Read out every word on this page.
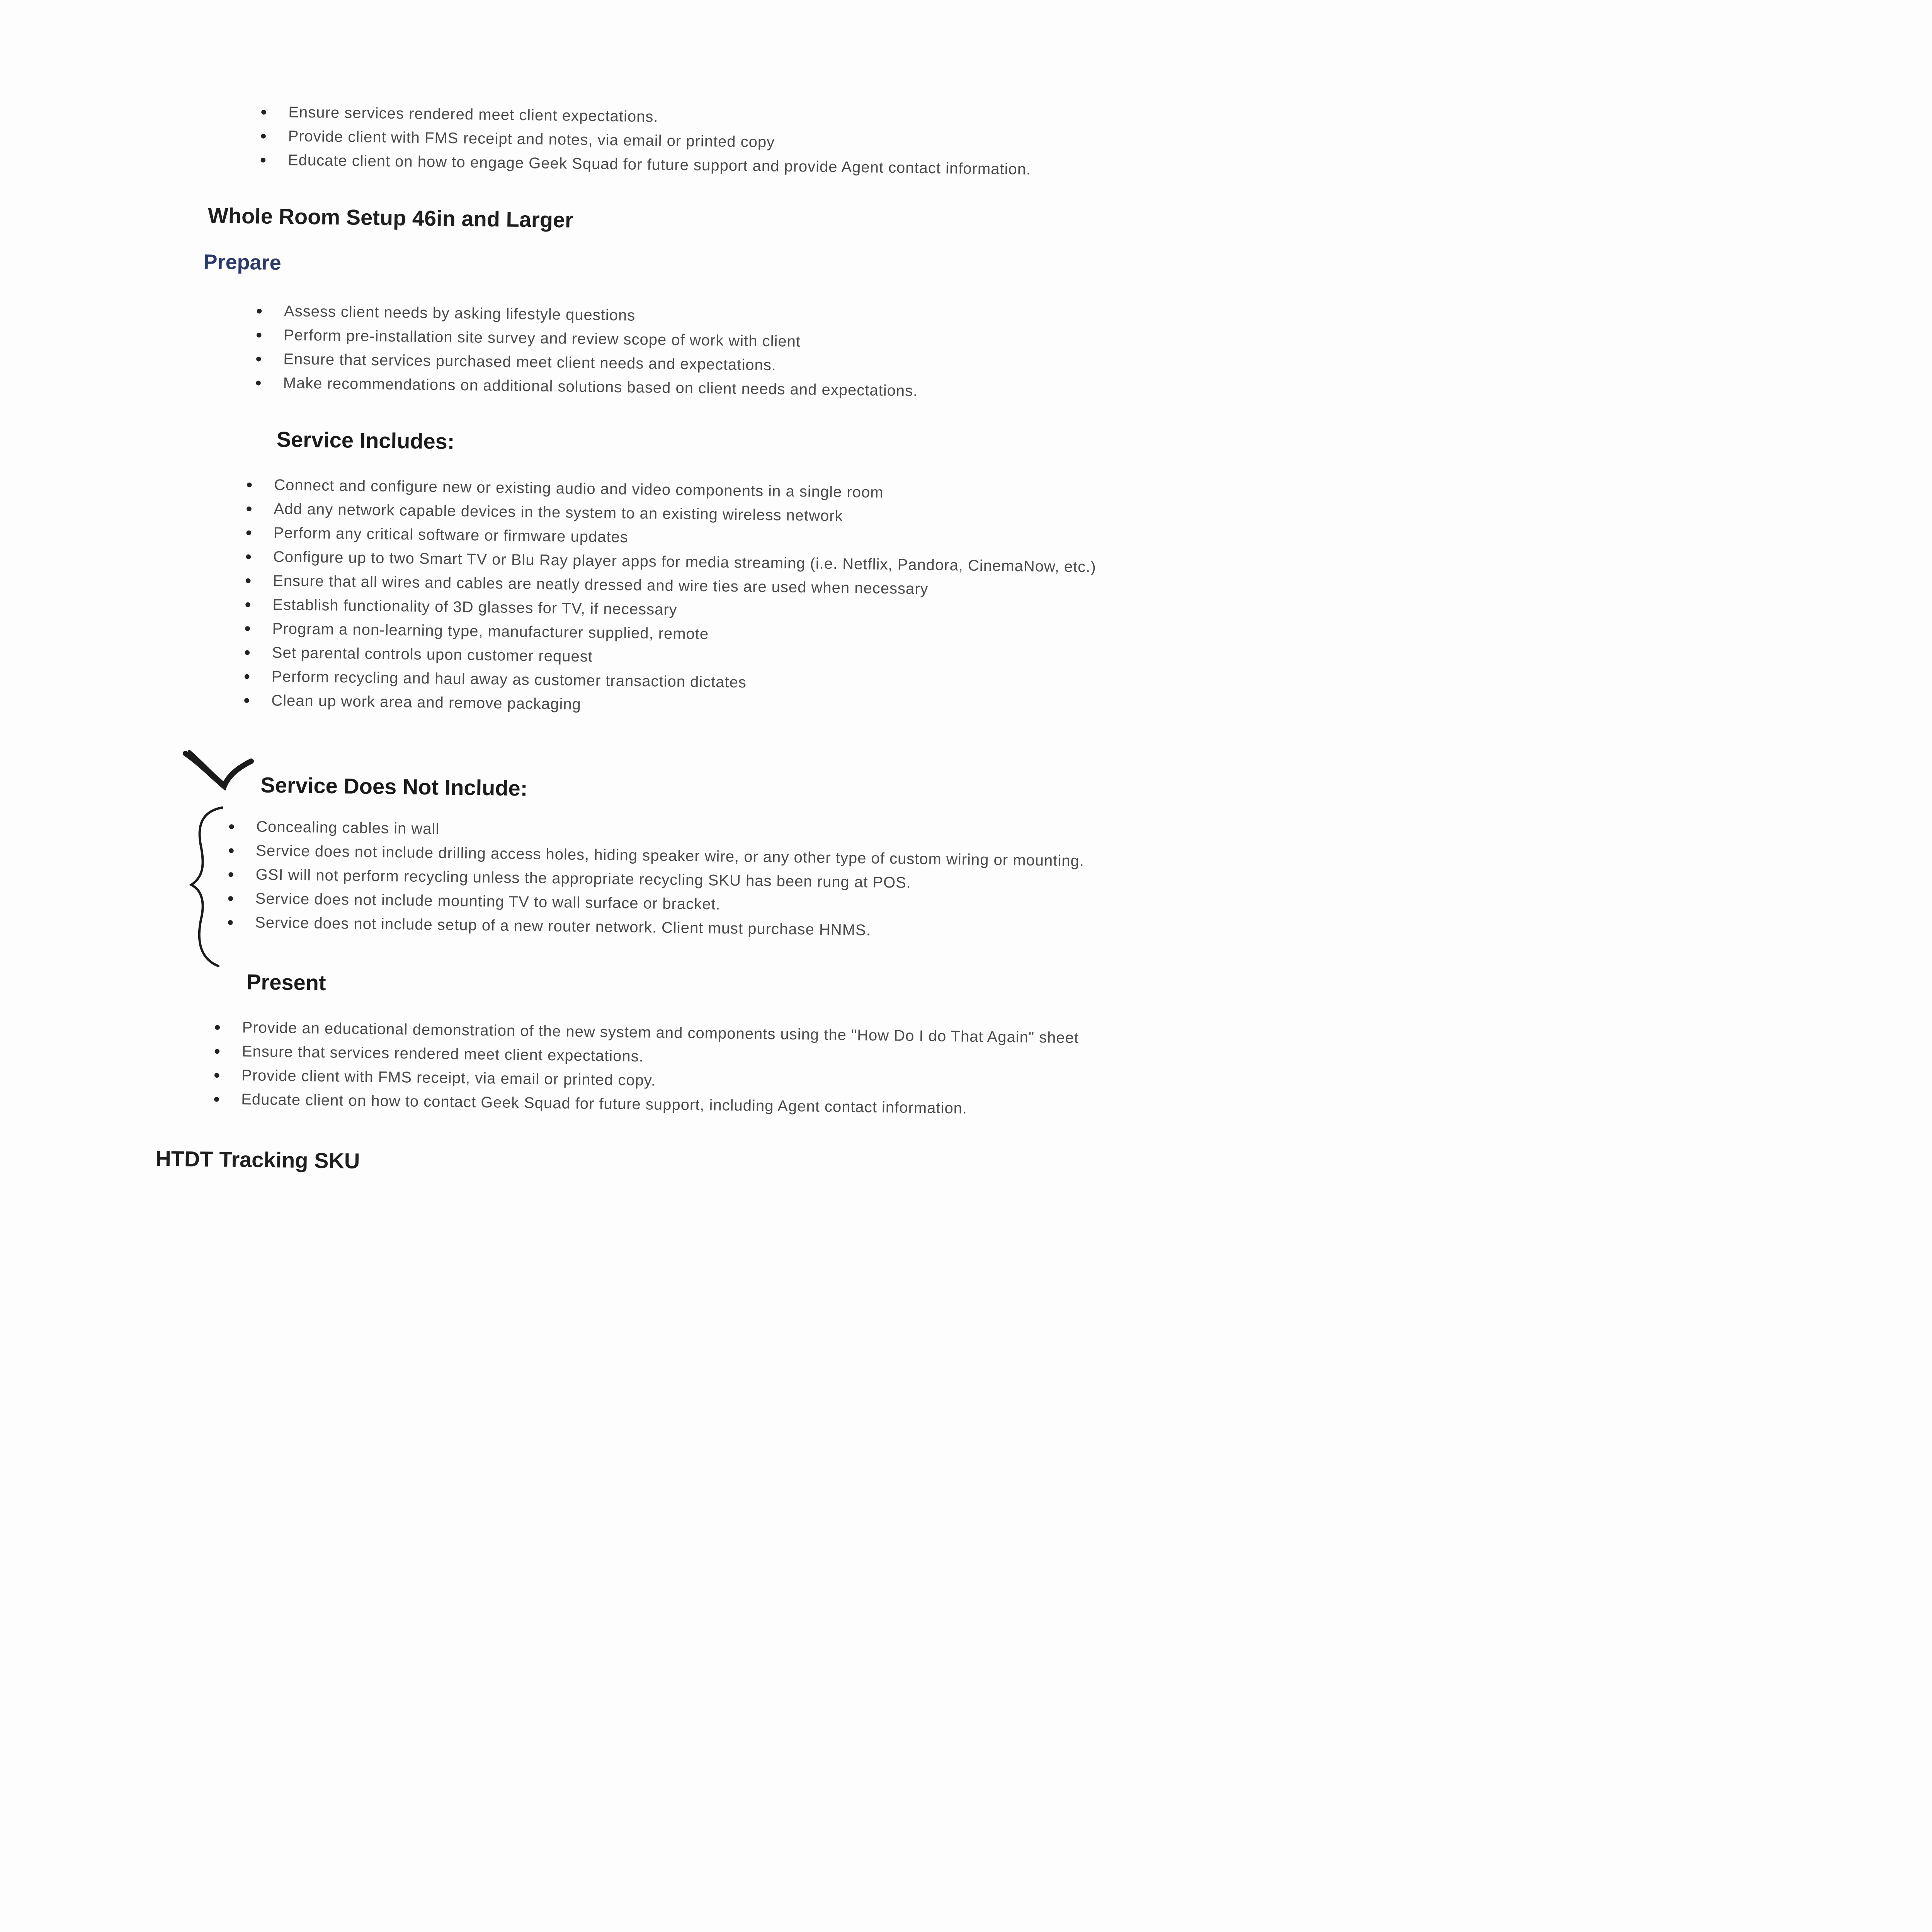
• Ensure services rendered meet client expectations.
• Provide client with FMS receipt and notes, via email or printed copy
• Educate client on how to engage Geek Squad for future support and provide Agent contact information.
Whole Room Setup 46in and Larger
Prepare
• Assess client needs by asking lifestyle questions
• Perform pre-installation site survey and review scope of work with client
• Ensure that services purchased meet client needs and expectations.
• Make recommendations on additional solutions based on client needs and expectations.
Service Includes:
• Connect and configure new or existing audio and video components in a single room
• Add any network capable devices in the system to an existing wireless network
• Perform any critical software or firmware updates
• Configure up to two Smart TV or Blu Ray player apps for media streaming (i.e. Netflix, Pandora, CinemaNow, etc.)
• Ensure that all wires and cables are neatly dressed and wire ties are used when necessary
• Establish functionality of 3D glasses for TV, if necessary
• Program a non-learning type, manufacturer supplied, remote
• Set parental controls upon customer request
• Perform recycling and haul away as customer transaction dictates
• Clean up work area and remove packaging
Service Does Not Include:
• Concealing cables in wall
• Service does not include drilling access holes, hiding speaker wire, or any other type of custom wiring or mounting.
• GSI will not perform recycling unless the appropriate recycling SKU has been rung at POS.
• Service does not include mounting TV to wall surface or bracket.
• Service does not include setup of a new router network. Client must purchase HNMS.
Present
• Provide an educational demonstration of the new system and components using the "How Do I do That Again" sheet
• Ensure that services rendered meet client expectations.
• Provide client with FMS receipt, via email or printed copy.
• Educate client on how to contact Geek Squad for future support, including Agent contact information.
HTDT Tracking SKU
